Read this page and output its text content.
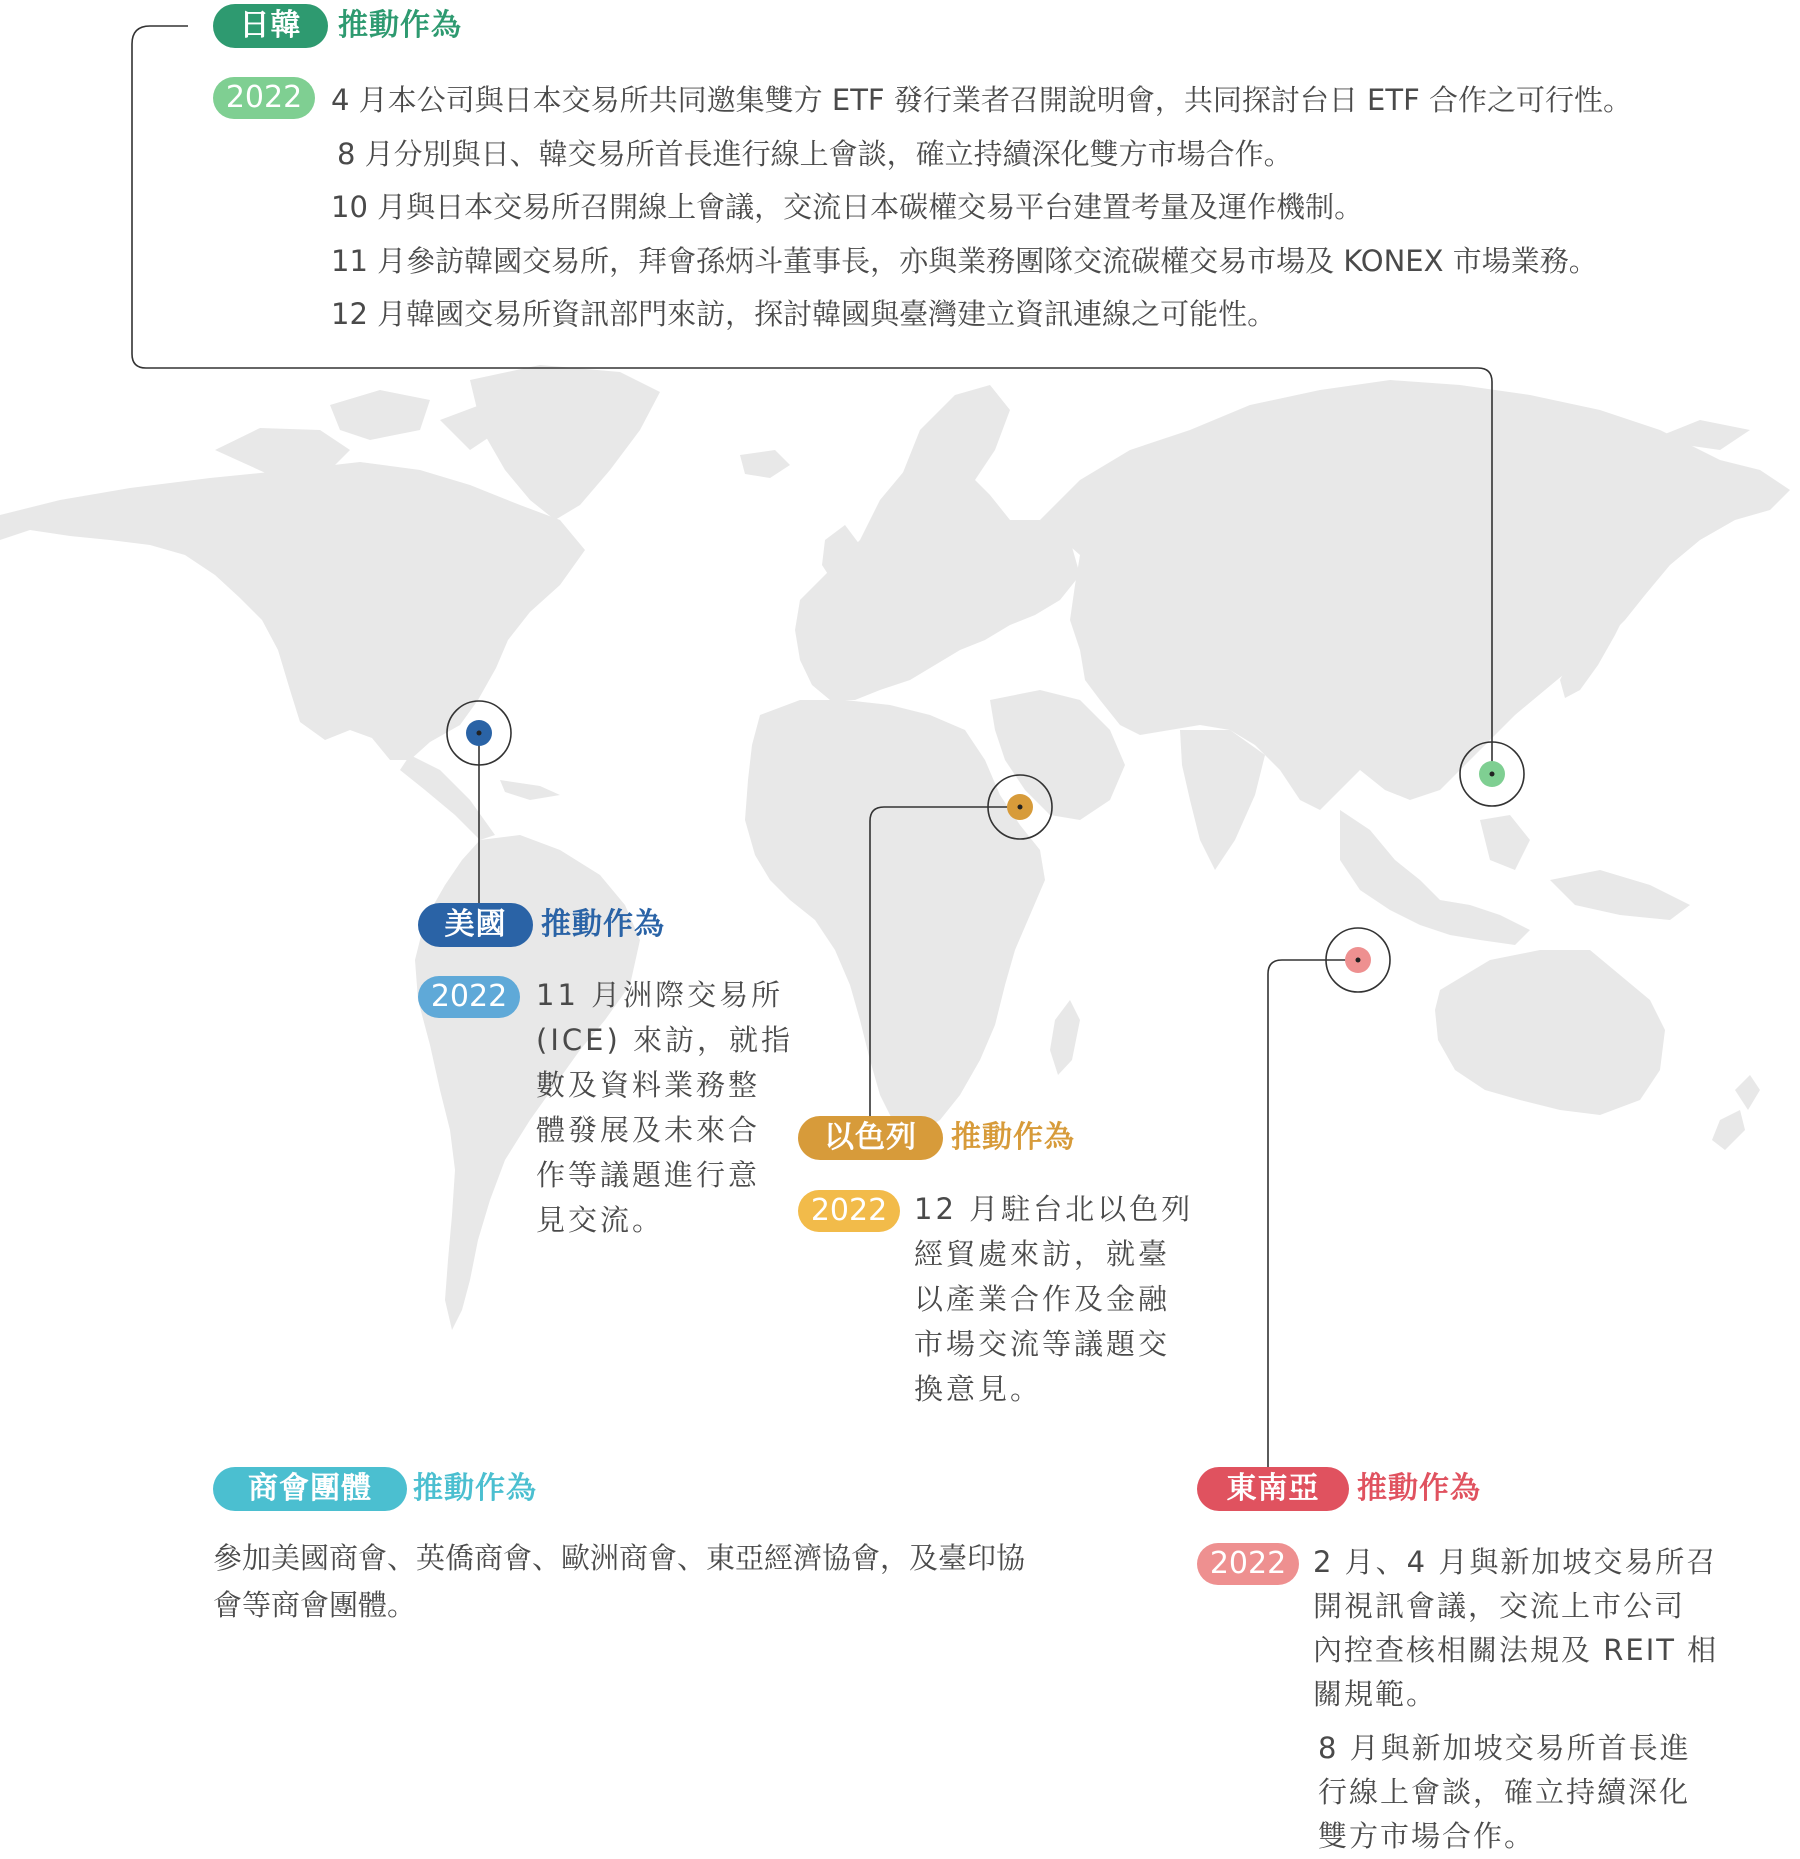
日韓	推動作為
2022 4 月本公司與日本交易所共同邀集雙方 ETF 發行業者召開說明會，共同探討台日 ETF 合作之可行性。
8 月分別與日、韓交易所首長進行線上會談，確立持續深化雙方市場合作。
10 月與日本交易所召開線上會議，交流日本碳權交易平台建置考量及運作機制。
11 月參訪韓國交易所，拜會孫炳斗董事長，亦與業務團隊交流碳權交易市場及 KONEX 市場業務。
12 月韓國交易所資訊部門來訪，探討韓國與臺灣建立資訊連線之可能性。
美國	推動作為
2022 11 月洲際交易所
(ICE) 來訪，就指
數及資料業務整
體發展及未來合
作等議題進行意
見交流。
以色列	推動作為
2022 12 月駐台北以色列
經貿處來訪，就臺
以產業合作及金融
市場交流等議題交
換意見。
商會團體	推動作為
參加美國商會、英僑商會、歐洲商會、東亞經濟協會，及臺印協
會等商會團體。
東南亞	推動作為
2022 2 月、4 月與新加坡交易所召
開視訊會議，交流上市公司
內控查核相關法規及 REIT 相
關規範。
8 月與新加坡交易所首長進
行線上會談，確立持續深化
雙方市場合作。
